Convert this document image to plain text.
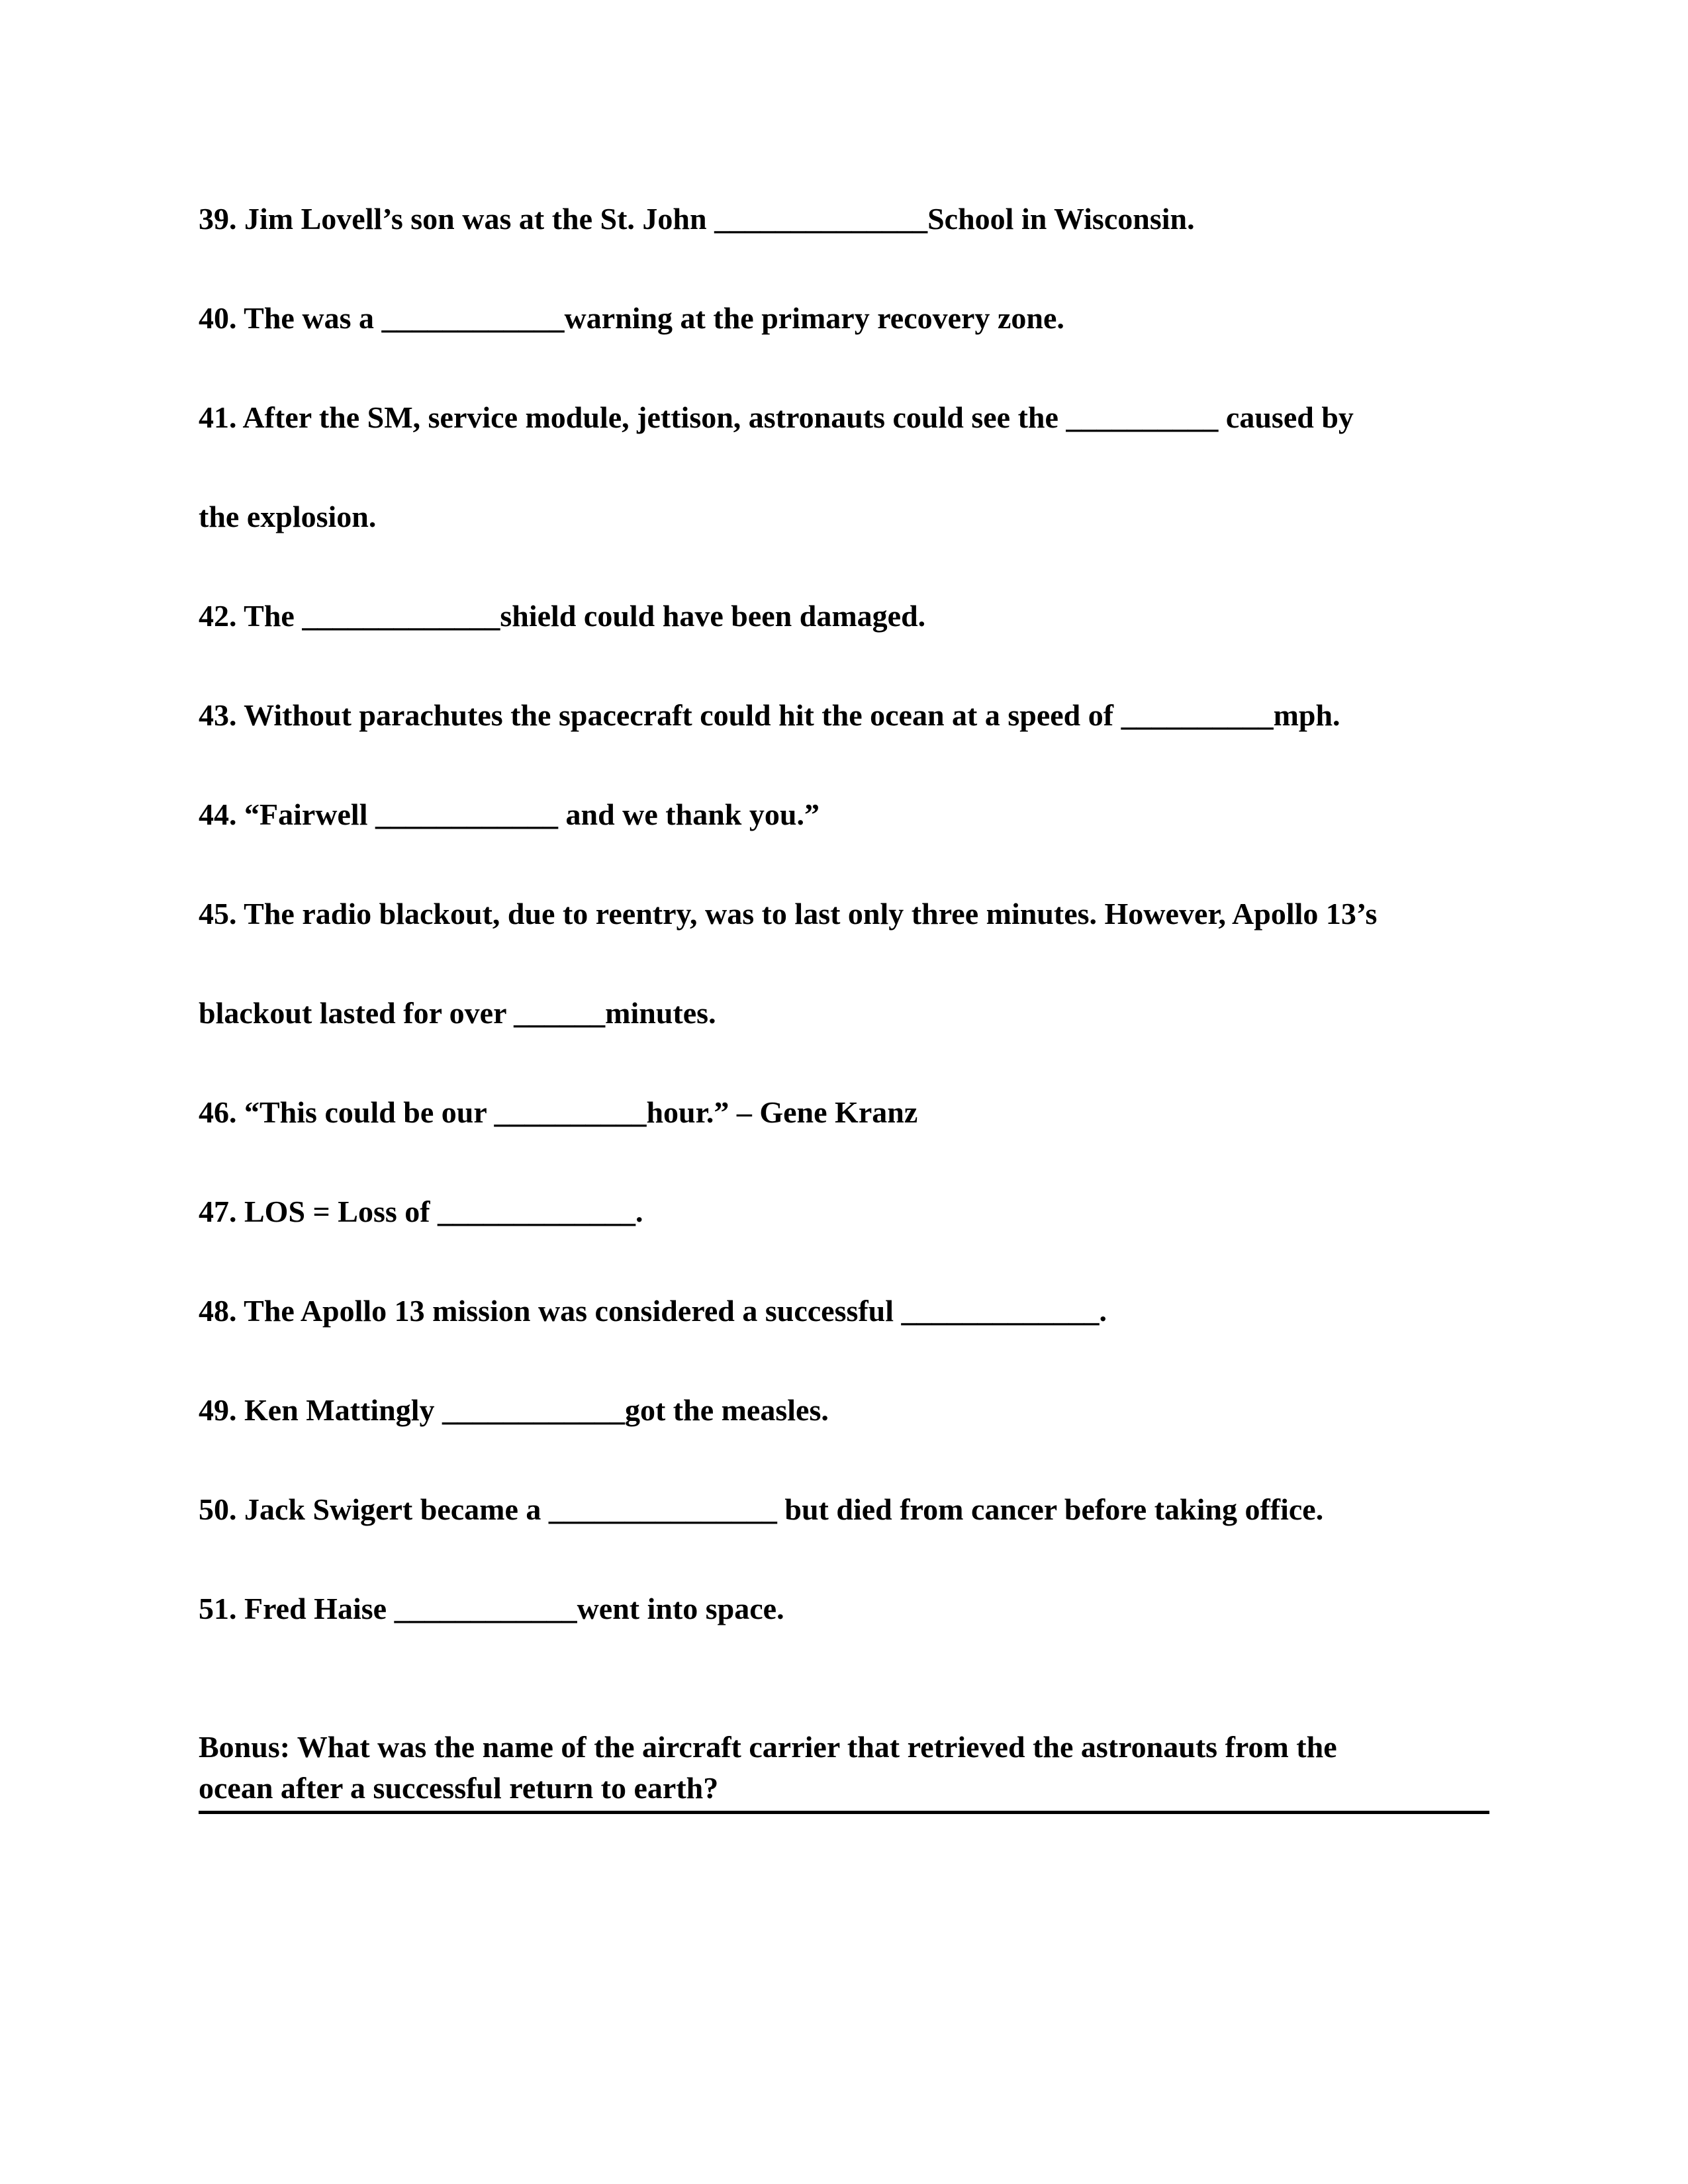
39. Jim Lovell’s son was at the St. John ______________School in Wisconsin.
40. The was a ____________warning at the primary recovery zone.
41. After the SM, service module, jettison, astronauts could see the __________ caused by
the explosion.
42. The _____________shield could have been damaged.
43. Without parachutes the spacecraft could hit the ocean at a speed of __________mph.
44. “Fairwell ____________ and we thank you.”
45. The radio blackout, due to reentry, was to last only three minutes. However, Apollo 13’s
blackout lasted for over ______minutes.
46. “This could be our __________hour.” – Gene Kranz
47. LOS = Loss of _____________.
48. The Apollo 13 mission was considered a successful _____________.
49. Ken Mattingly ____________got the measles.
50. Jack Swigert became a _______________ but died from cancer before taking office.
51. Fred Haise ____________went into space.
Bonus: What was the name of the aircraft carrier that retrieved the astronauts from the
ocean after a successful return to earth?
